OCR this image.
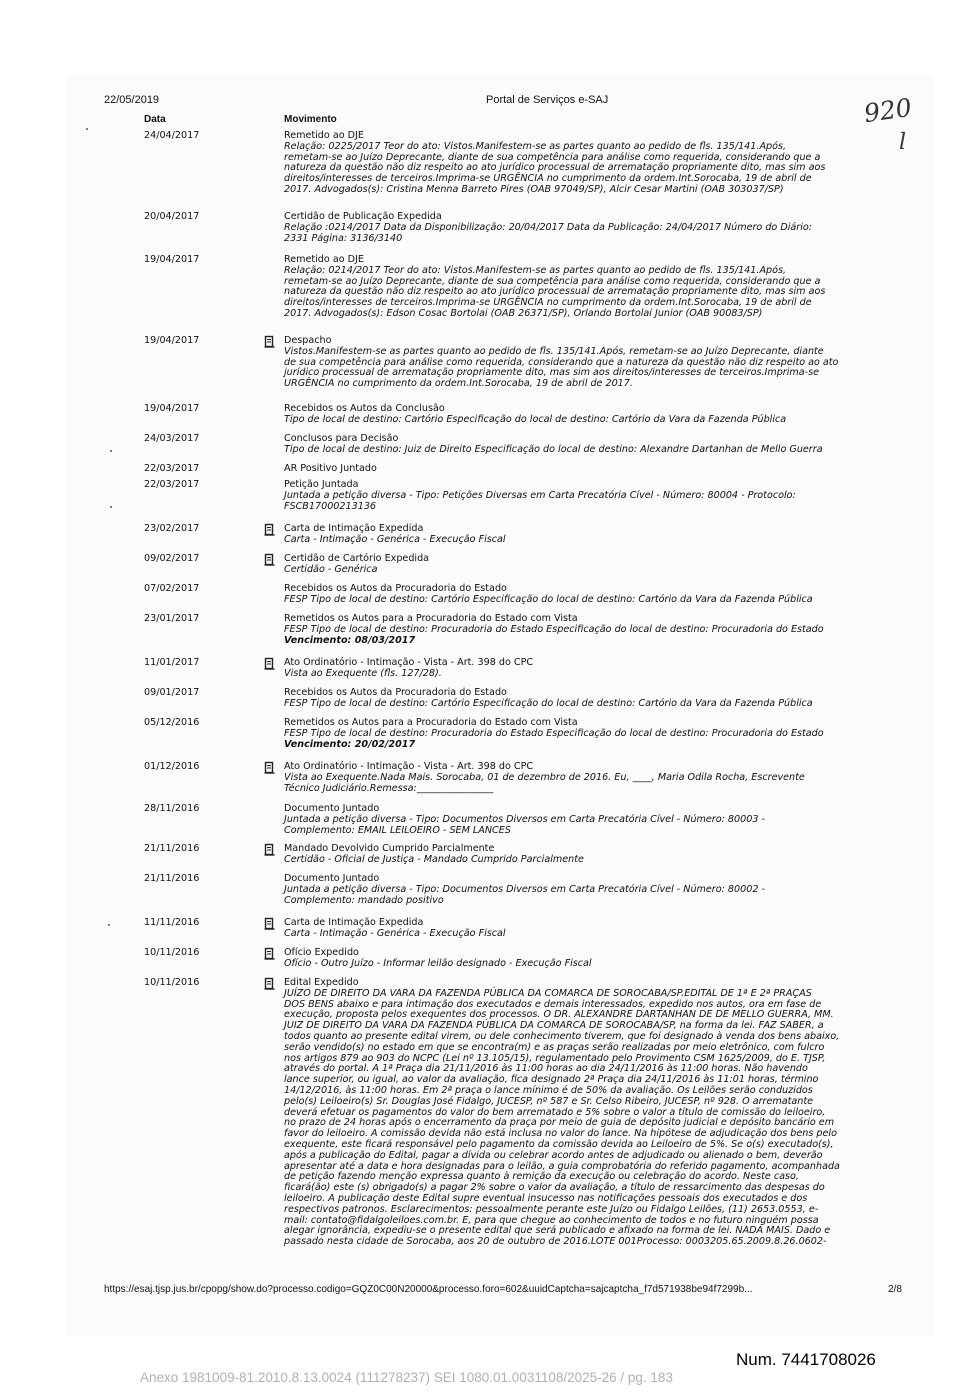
22/05/2019	Portal de Serviços e-SAJ	920
l
Data	Movimento
24/04/2017	Remetido ao DJE
Relação: 0225/2017 Teor do ato: Vistos.Manifestem-se as partes quanto ao pedido de fls. 135/141.Após,
remetam-se ao Juízo Deprecante, diante de sua competência para análise como requerida, considerando que a
natureza da questão não diz respeito ao ato jurídico processual de arrematação propriamente dito, mas sim aos
direitos/interesses de terceiros.Imprima-se URGÊNCIA no cumprimento da ordem.Int.Sorocaba, 19 de abril de
2017. Advogados(s): Cristina Menna Barreto Pires (OAB 97049/SP), Alcir Cesar Martini (OAB 303037/SP)
20/04/2017	Certidão de Publicação Expedida
Relação :0214/2017 Data da Disponibilização: 20/04/2017 Data da Publicação: 24/04/2017 Número do Diário:
2331 Página: 3136/3140
19/04/2017	Remetido ao DJE
Relação: 0214/2017 Teor do ato: Vistos.Manifestem-se as partes quanto ao pedido de fls. 135/141.Após,
remetam-se ao Juízo Deprecante, diante de sua competência para análise como requerida, considerando que a
natureza da questão não diz respeito ao ato jurídico processual de arrematação propriamente dito, mas sim aos
direitos/interesses de terceiros.Imprima-se URGÊNCIA no cumprimento da ordem.Int.Sorocaba, 19 de abril de
2017. Advogados(s): Edson Cosac Bortolai (OAB 26371/SP), Orlando Bortolai Junior (OAB 90083/SP)
19/04/2017	Despacho
Vistos.Manifestem-se as partes quanto ao pedido de fls. 135/141.Após, remetam-se ao Juízo Deprecante, diante
de sua competência para análise como requerida, considerando que a natureza da questão não diz respeito ao ato
jurídico processual de arrematação propriamente dito, mas sim aos direitos/interesses de terceiros.Imprima-se
URGÊNCIA no cumprimento da ordem.Int.Sorocaba, 19 de abril de 2017.
19/04/2017	Recebidos os Autos da Conclusão
Tipo de local de destino: Cartório Especificação do local de destino: Cartório da Vara da Fazenda Pública
24/03/2017	Conclusos para Decisão
Tipo de local de destino: Juiz de Direito Especificação do local de destino: Alexandre Dartanhan de Mello Guerra
22/03/2017	AR Positivo Juntado
22/03/2017	Petição Juntada
Juntada a petição diversa - Tipo: Petições Diversas em Carta Precatória Cível - Número: 80004 - Protocolo:
FSCB17000213136
23/02/2017	Carta de Intimação Expedida
Carta - Intimação - Genérica - Execução Fiscal
09/02/2017	Certidão de Cartório Expedida
Certidão - Genérica
07/02/2017	Recebidos os Autos da Procuradoria do Estado
FESP Tipo de local de destino: Cartório Especificação do local de destino: Cartório da Vara da Fazenda Pública
23/01/2017	Remetidos os Autos para a Procuradoria do Estado com Vista
FESP Tipo de local de destino: Procuradoria do Estado Especificação do local de destino: Procuradoria do Estado
Vencimento: 08/03/2017
11/01/2017	Ato Ordinatório - Intimação - Vista - Art. 398 do CPC
Vista ao Exequente (fls. 127/28).
09/01/2017	Recebidos os Autos da Procuradoria do Estado
FESP Tipo de local de destino: Cartório Especificação do local de destino: Cartório da Vara da Fazenda Pública
05/12/2016	Remetidos os Autos para a Procuradoria do Estado com Vista
FESP Tipo de local de destino: Procuradoria do Estado Especificação do local de destino: Procuradoria do Estado
Vencimento: 20/02/2017
01/12/2016	Ato Ordinatório - Intimação - Vista - Art. 398 do CPC
Vista ao Exequente.Nada Mais. Sorocaba, 01 de dezembro de 2016. Eu, ____, Maria Odila Rocha, Escrevente
Técnico Judiciário.Remessa:________________
28/11/2016	Documento Juntado
Juntada a petição diversa - Tipo: Documentos Diversos em Carta Precatória Cível - Número: 80003 -
Complemento: EMAIL LEILOEIRO - SEM LANCES
21/11/2016	Mandado Devolvido Cumprido Parcialmente
Certidão - Oficial de Justiça - Mandado Cumprido Parcialmente
21/11/2016	Documento Juntado
Juntada a petição diversa - Tipo: Documentos Diversos em Carta Precatória Cível - Número: 80002 -
Complemento: mandado positivo
11/11/2016	Carta de Intimação Expedida
Carta - Intimação - Genérica - Execução Fiscal
10/11/2016	Ofício Expedido
Ofício - Outro Juízo - Informar leilão designado - Execução Fiscal
10/11/2016	Edital Expedido
JUÍZO DE DIREITO DA VARA DA FAZENDA PÚBLICA DA COMARCA DE SOROCABA/SP.EDITAL DE 1ª E 2ª PRAÇAS
DOS BENS abaixo e para intimação dos executados e demais interessados, expedido nos autos, ora em fase de
execução, proposta pelos exequentes dos processos. O DR. ALEXANDRE DARTANHAN DE DE MELLO GUERRA, MM.
JUIZ DE DIREITO DA VARA DA FAZENDA PÚBLICA DA COMARCA DE SOROCABA/SP, na forma da lei. FAZ SABER, a
todos quanto ao presente edital virem, ou dele conhecimento tiverem, que foi designado à venda dos bens abaixo,
serão vendido(s) no estado em que se encontra(m) e as praças serão realizadas por meio eletrônico, com fulcro
nos artigos 879 ao 903 do NCPC (Lei nº 13.105/15), regulamentado pelo Provimento CSM 1625/2009, do E. TJSP,
através do portal. A 1ª Praça dia 21/11/2016 às 11:00 horas ao dia 24/11/2016 às 11:00 horas. Não havendo
lance superior, ou igual, ao valor da avaliação, fica designado 2ª Praça dia 24/11/2016 às 11:01 horas, término
14/12/2016, às 11:00 horas. Em 2ª praça o lance mínimo é de 50% da avaliação. Os Leilões serão conduzidos
pelo(s) Leiloeiro(s) Sr. Douglas José Fidalgo, JUCESP, nº 587 e Sr. Celso Ribeiro, JUCESP, nº 928. O arrematante
deverá efetuar os pagamentos do valor do bem arrematado e 5% sobre o valor a título de comissão do leiloeiro,
no prazo de 24 horas após o encerramento da praça por meio de guia de depósito judicial e depósito bancário em
favor do leiloeiro. A comissão devida não está inclusa no valor do lance. Na hipótese de adjudicação dos bens pelo
exequente, este ficará responsável pelo pagamento da comissão devida ao Leiloeiro de 5%. Se o(s) executado(s),
após a publicação do Edital, pagar a dívida ou celebrar acordo antes de adjudicado ou alienado o bem, deverão
apresentar até a data e hora designadas para o leilão, a guia comprobatória do referido pagamento, acompanhada
de petição fazendo menção expressa quanto à remição da execução ou celebração do acordo. Neste caso,
ficará(ão) este (s) obrigado(s) a pagar 2% sobre o valor da avaliação, a título de ressarcimento das despesas do
leiloeiro. A publicação deste Edital supre eventual insucesso nas notificações pessoais dos executados e dos
respectivos patronos. Esclarecimentos: pessoalmente perante este Juízo ou Fidalgo Leilões, (11) 2653.0553, e-
mail: contato@fidalgoleiloes.com.br. E, para que chegue ao conhecimento de todos e no futuro ninguém possa
alegar ignorância, expediu-se o presente edital que será publicado e afixado na forma de lei. NADA MAIS. Dado e
passado nesta cidade de Sorocaba, aos 20 de outubro de 2016.LOTE 001Processo: 0003205.65.2009.8.26.0602-
https://esaj.tjsp.jus.br/cpopg/show.do?processo.codigo=GQZ0C00N20000&processo.foro=602&uuidCaptcha=sajcaptcha_f7d571938be94f7299b...	2/8
Num. 7441708026
Anexo 1981009-81.2010.8.13.0024 (111278237) SEI 1080.01.0031108/2025-26 / pg. 183
